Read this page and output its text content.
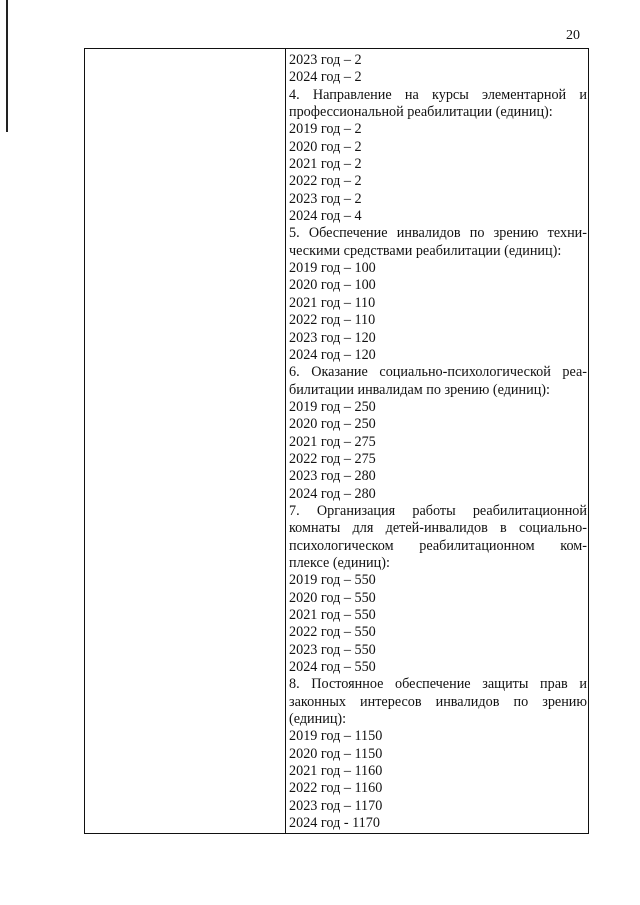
20
2023 год – 2
2024 год – 2
4. Направление на курсы элементарной и
профессиональной реабилитации (единиц):
2019 год – 2
2020 год – 2
2021 год – 2
2022 год – 2
2023 год – 2
2024 год – 4
5. Обеспечение инвалидов по зрению техни-
ческими средствами реабилитации (единиц):
2019 год – 100
2020 год – 100
2021 год – 110
2022 год – 110
2023 год – 120
2024 год – 120
6. Оказание социально-психологической реа-
билитации инвалидам по зрению (единиц):
2019 год – 250
2020 год – 250
2021 год – 275
2022 год – 275
2023 год – 280
2024 год – 280
7. Организация работы реабилитационной
комнаты для детей-инвалидов в социально-
психологическом реабилитационном ком-
плексе (единиц):
2019 год – 550
2020 год – 550
2021 год – 550
2022 год – 550
2023 год – 550
2024 год – 550
8. Постоянное обеспечение защиты прав и
законных интересов инвалидов по зрению
(единиц):
2019 год – 1150
2020 год – 1150
2021 год – 1160
2022 год – 1160
2023 год – 1170
2024 год - 1170
